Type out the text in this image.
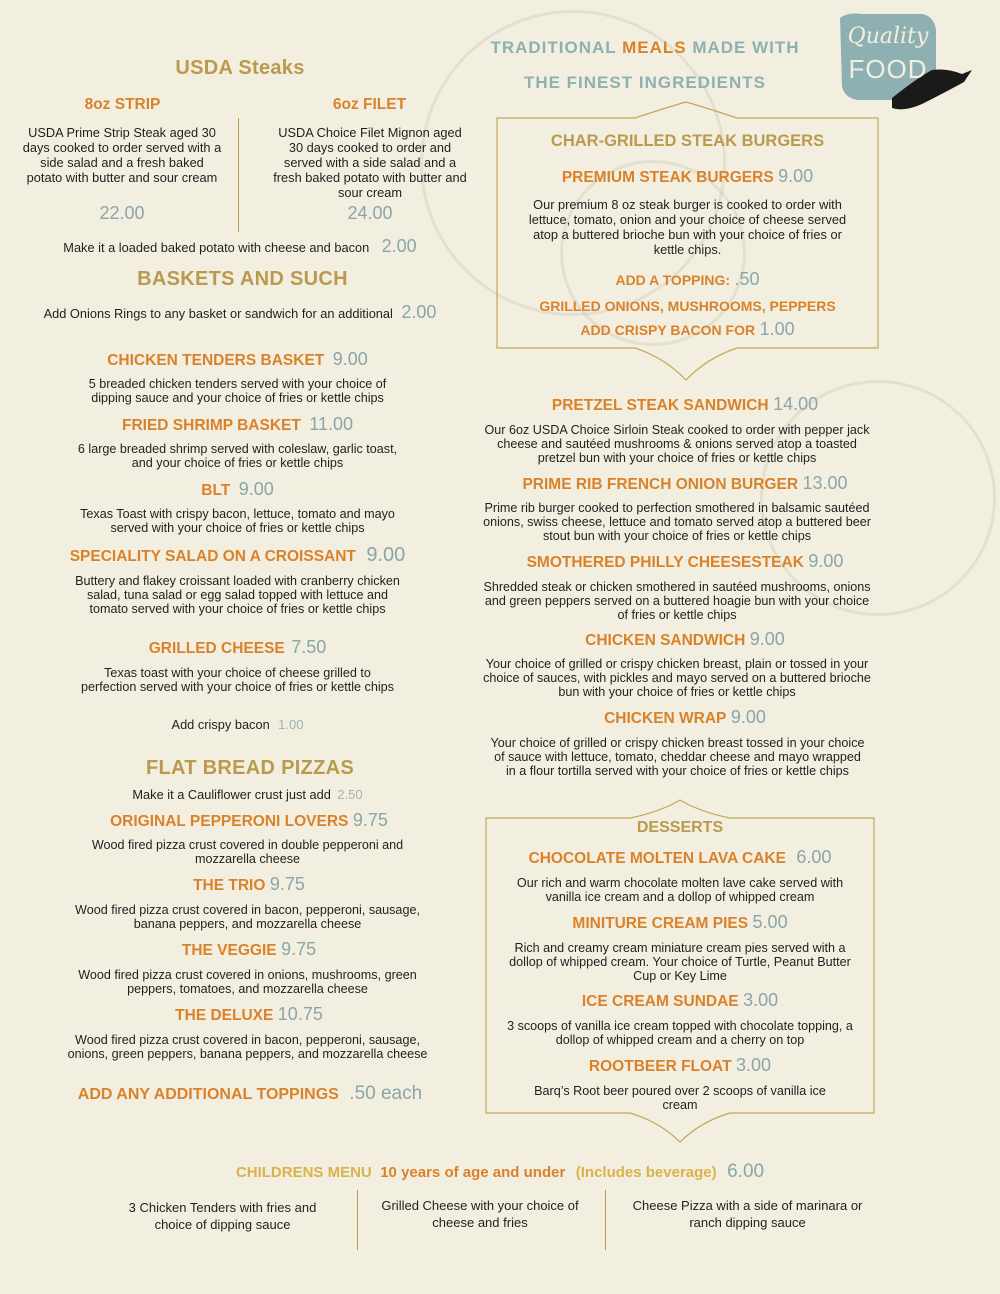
TRADITIONAL MEALS MADE WITH
THE FINEST INGREDIENTS
Quality
FOOD
USDA Steaks
8oz STRIP
USDA Prime Strip Steak aged 30 days cooked to order served with a side salad and a fresh baked potato with butter and sour cream
22.00
6oz FILET
USDA Choice Filet Mignon aged 30 days cooked to order and served with a side salad and a fresh baked potato with butter and sour cream
24.00
Make it a loaded baked potato with cheese and bacon 2.00
BASKETS AND SUCH
Add Onions Rings to any basket or sandwich for an additional 2.00
CHICKEN TENDERS BASKET 9.00
5 breaded chicken tenders served with your choice of dipping sauce and your choice of fries or kettle chips
FRIED SHRIMP BASKET 11.00
6 large breaded shrimp served with coleslaw, garlic toast, and your choice of fries or kettle chips
BLT 9.00
Texas Toast with crispy bacon, lettuce, tomato and mayo served with your choice of fries or kettle chips
SPECIALITY SALAD ON A CROISSANT 9.00
Buttery and flakey croissant loaded with cranberry chicken salad, tuna salad or egg salad topped with lettuce and tomato served with your choice of fries or kettle chips
GRILLED CHEESE 7.50
Texas toast with your choice of cheese grilled to perfection served with your choice of fries or kettle chips
Add crispy bacon 1.00
FLAT BREAD PIZZAS
Make it a Cauliflower crust just add 2.50
ORIGINAL PEPPERONI LOVERS 9.75
Wood fired pizza crust covered in double pepperoni and mozzarella cheese
THE TRIO 9.75
Wood fired pizza crust covered in bacon, pepperoni, sausage, banana peppers, and mozzarella cheese
THE VEGGIE 9.75
Wood fired pizza crust covered in onions, mushrooms, green peppers, tomatoes, and mozzarella cheese
THE DELUXE 10.75
Wood fired pizza crust covered in bacon, pepperoni, sausage, onions, green peppers, banana peppers, and mozzarella cheese
ADD ANY ADDITIONAL TOPPINGS .50 each
CHAR-GRILLED STEAK BURGERS
PREMIUM STEAK BURGERS 9.00
Our premium 8 oz steak burger is cooked to order with lettuce, tomato, onion and your choice of cheese served atop a buttered brioche bun with your choice of fries or kettle chips.
ADD A TOPPING: .50
GRILLED ONIONS, MUSHROOMS, PEPPERS
ADD CRISPY BACON FOR 1.00
PRETZEL STEAK SANDWICH 14.00
Our 6oz USDA Choice Sirloin Steak cooked to order with pepper jack cheese and sautéed mushrooms & onions served atop a toasted pretzel bun with your choice of fries or kettle chips
PRIME RIB FRENCH ONION BURGER 13.00
Prime rib burger cooked to perfection smothered in balsamic sautéed onions, swiss cheese, lettuce and tomato served atop a buttered beer stout bun with your choice of fries or kettle chips
SMOTHERED PHILLY CHEESESTEAK 9.00
Shredded steak or chicken smothered in sautéed mushrooms, onions and green peppers served on a buttered hoagie bun with your choice of fries or kettle chips
CHICKEN SANDWICH 9.00
Your choice of grilled or crispy chicken breast, plain or tossed in your choice of sauces, with pickles and mayo served on a buttered brioche bun with your choice of fries or kettle chips
CHICKEN WRAP 9.00
Your choice of grilled or crispy chicken breast tossed in your choice of sauce with lettuce, tomato, cheddar cheese and mayo wrapped in a flour tortilla served with your choice of fries or kettle chips
DESSERTS
CHOCOLATE MOLTEN LAVA CAKE 6.00
Our rich and warm chocolate molten lave cake served with vanilla ice cream and a dollop of whipped cream
MINITURE CREAM PIES 5.00
Rich and creamy cream miniature cream pies served with a dollop of whipped cream. Your choice of Turtle, Peanut Butter Cup or Key Lime
ICE CREAM SUNDAE 3.00
3 scoops of vanilla ice cream topped with chocolate topping, a dollop of whipped cream and a cherry on top
ROOTBEER FLOAT 3.00
Barq’s Root beer poured over 2 scoops of vanilla ice cream
CHILDRENS MENU 10 years of age and under (Includes beverage) 6.00
3 Chicken Tenders with fries and choice of dipping sauce
Grilled Cheese with your choice of cheese and fries
Cheese Pizza with a side of marinara or ranch dipping sauce
